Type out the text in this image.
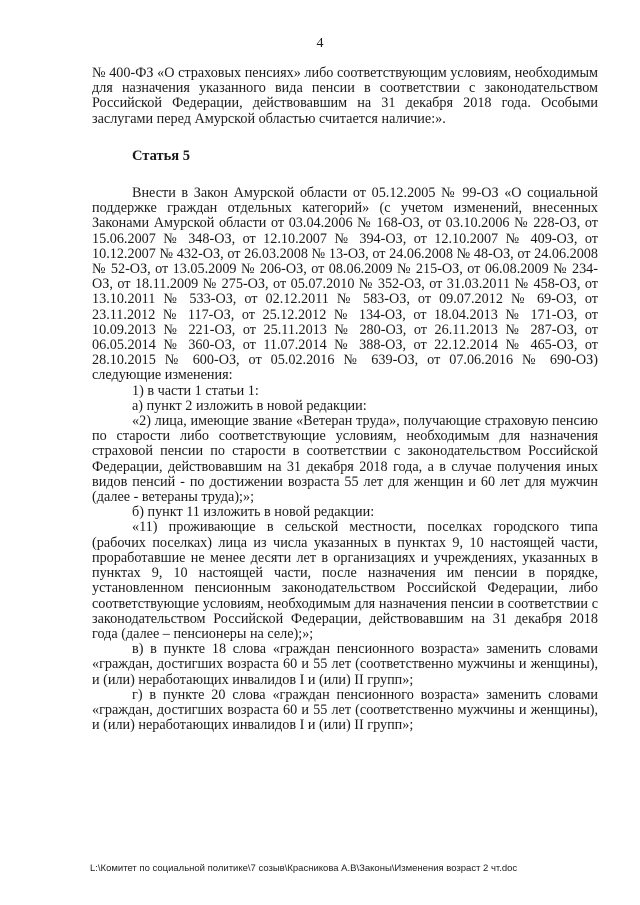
4

№ 400-ФЗ «О страховых пенсиях» либо соответствующим условиям, необходимым для назначения указанного вида пенсии в соответствии с законодательством Российской Федерации, действовавшим на 31 декабря 2018 года. Особыми заслугами перед Амурской областью считается наличие:».

Статья 5

Внести в Закон Амурской области от 05.12.2005 № 99-ОЗ «О социальной поддержке граждан отдельных категорий» (с учетом изменений, внесенных Законами Амурской области от 03.04.2006 № 168-ОЗ, от 03.10.2006 № 228-ОЗ, от 15.06.2007 № 348-ОЗ, от 12.10.2007 № 394-ОЗ, от 12.10.2007 № 409-ОЗ, от 10.12.2007 № 432-ОЗ, от 26.03.2008 № 13-ОЗ, от 24.06.2008 № 48-ОЗ, от 24.06.2008 № 52-ОЗ, от 13.05.2009 № 206-ОЗ, от 08.06.2009 № 215-ОЗ, от 06.08.2009 № 234-ОЗ, от 18.11.2009 № 275-ОЗ, от 05.07.2010 № 352-ОЗ, от 31.03.2011 № 458-ОЗ, от 13.10.2011 № 533-ОЗ, от 02.12.2011 № 583-ОЗ, от 09.07.2012 № 69-ОЗ, от 23.11.2012 № 117-ОЗ, от 25.12.2012 № 134-ОЗ, от 18.04.2013 № 171-ОЗ, от 10.09.2013 № 221-ОЗ, от 25.11.2013 № 280-ОЗ, от 26.11.2013 № 287-ОЗ, от 06.05.2014 № 360-ОЗ, от 11.07.2014 № 388-ОЗ, от 22.12.2014 № 465-ОЗ, от 28.10.2015 № 600-ОЗ, от 05.02.2016 № 639-ОЗ, от 07.06.2016 № 690-ОЗ) следующие изменения:

1) в части 1 статьи 1:

а) пункт 2 изложить в новой редакции:

«2) лица, имеющие звание «Ветеран труда», получающие страховую пенсию по старости либо соответствующие условиям, необходимым для назначения страховой пенсии по старости в соответствии с законодательством Российской Федерации, действовавшим на 31 декабря 2018 года, а в случае получения иных видов пенсий - по достижении возраста 55 лет для женщин и 60 лет для мужчин (далее - ветераны труда);»;

б) пункт 11 изложить в новой редакции:

«11) проживающие в сельской местности, поселках городского типа (рабочих поселках) лица из числа указанных в пунктах 9, 10 настоящей части, проработавшие не менее десяти лет в организациях и учреждениях, указанных в пунктах 9, 10 настоящей части, после назначения им пенсии в порядке, установленном пенсионным законодательством Российской Федерации, либо соответствующие условиям, необходимым для назначения пенсии в соответствии с законодательством Российской Федерации, действовавшим на 31 декабря 2018 года (далее – пенсионеры на селе);»;

в) в пункте 18 слова «граждан пенсионного возраста» заменить словами «граждан, достигших возраста 60 и 55 лет (соответственно мужчины и женщины), и (или) неработающих инвалидов I и (или) II групп»;

г) в пункте 20 слова «граждан пенсионного возраста» заменить словами «граждан, достигших возраста 60 и 55 лет (соответственно мужчины и женщины), и (или) неработающих инвалидов I и (или) II групп»;

L:\Комитет по социальной политике\7 созыв\Красникова А.В\Законы\Изменения возраст 2 чт.doc
